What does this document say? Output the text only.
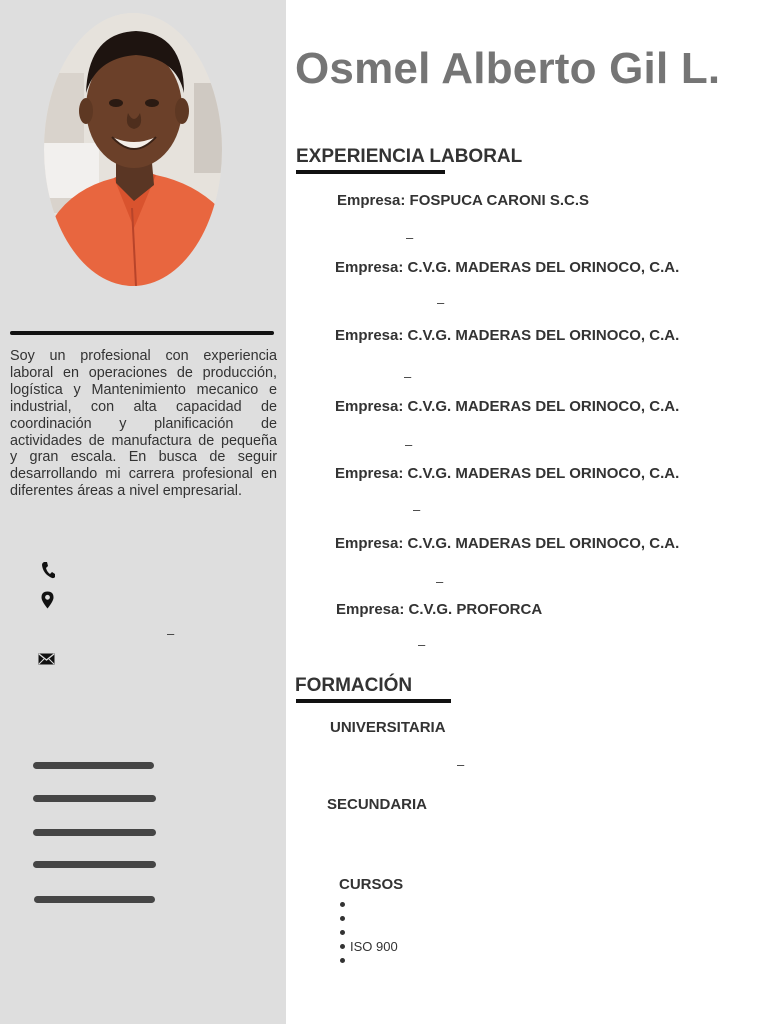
Soy un profesional con experiencia laboral en operaciones de producción, logística y Mantenimiento mecanico e industrial, con alta capacidad de coordinación y planificación de actividades de manufactura de pequeña y gran escala. En busca de seguir desarrollando mi carrera profesional en diferentes áreas a nivel empresarial.

–
Osmel Alberto Gil L.
EXPERIENCIA LABORAL
Empresa: FOSPUCA CARONI S.C.S
–
Empresa: C.V.G. MADERAS DEL ORINOCO, C.A.
–
Empresa: C.V.G. MADERAS DEL ORINOCO, C.A.
–
Empresa: C.V.G. MADERAS DEL ORINOCO, C.A.
–
Empresa: C.V.G. MADERAS DEL ORINOCO, C.A.
–
Empresa: C.V.G. MADERAS DEL ORINOCO, C.A.
–
Empresa: C.V.G. PROFORCA
–
FORMACIÓN
UNIVERSITARIA
–
SECUNDARIA
CURSOS
ISO 900
